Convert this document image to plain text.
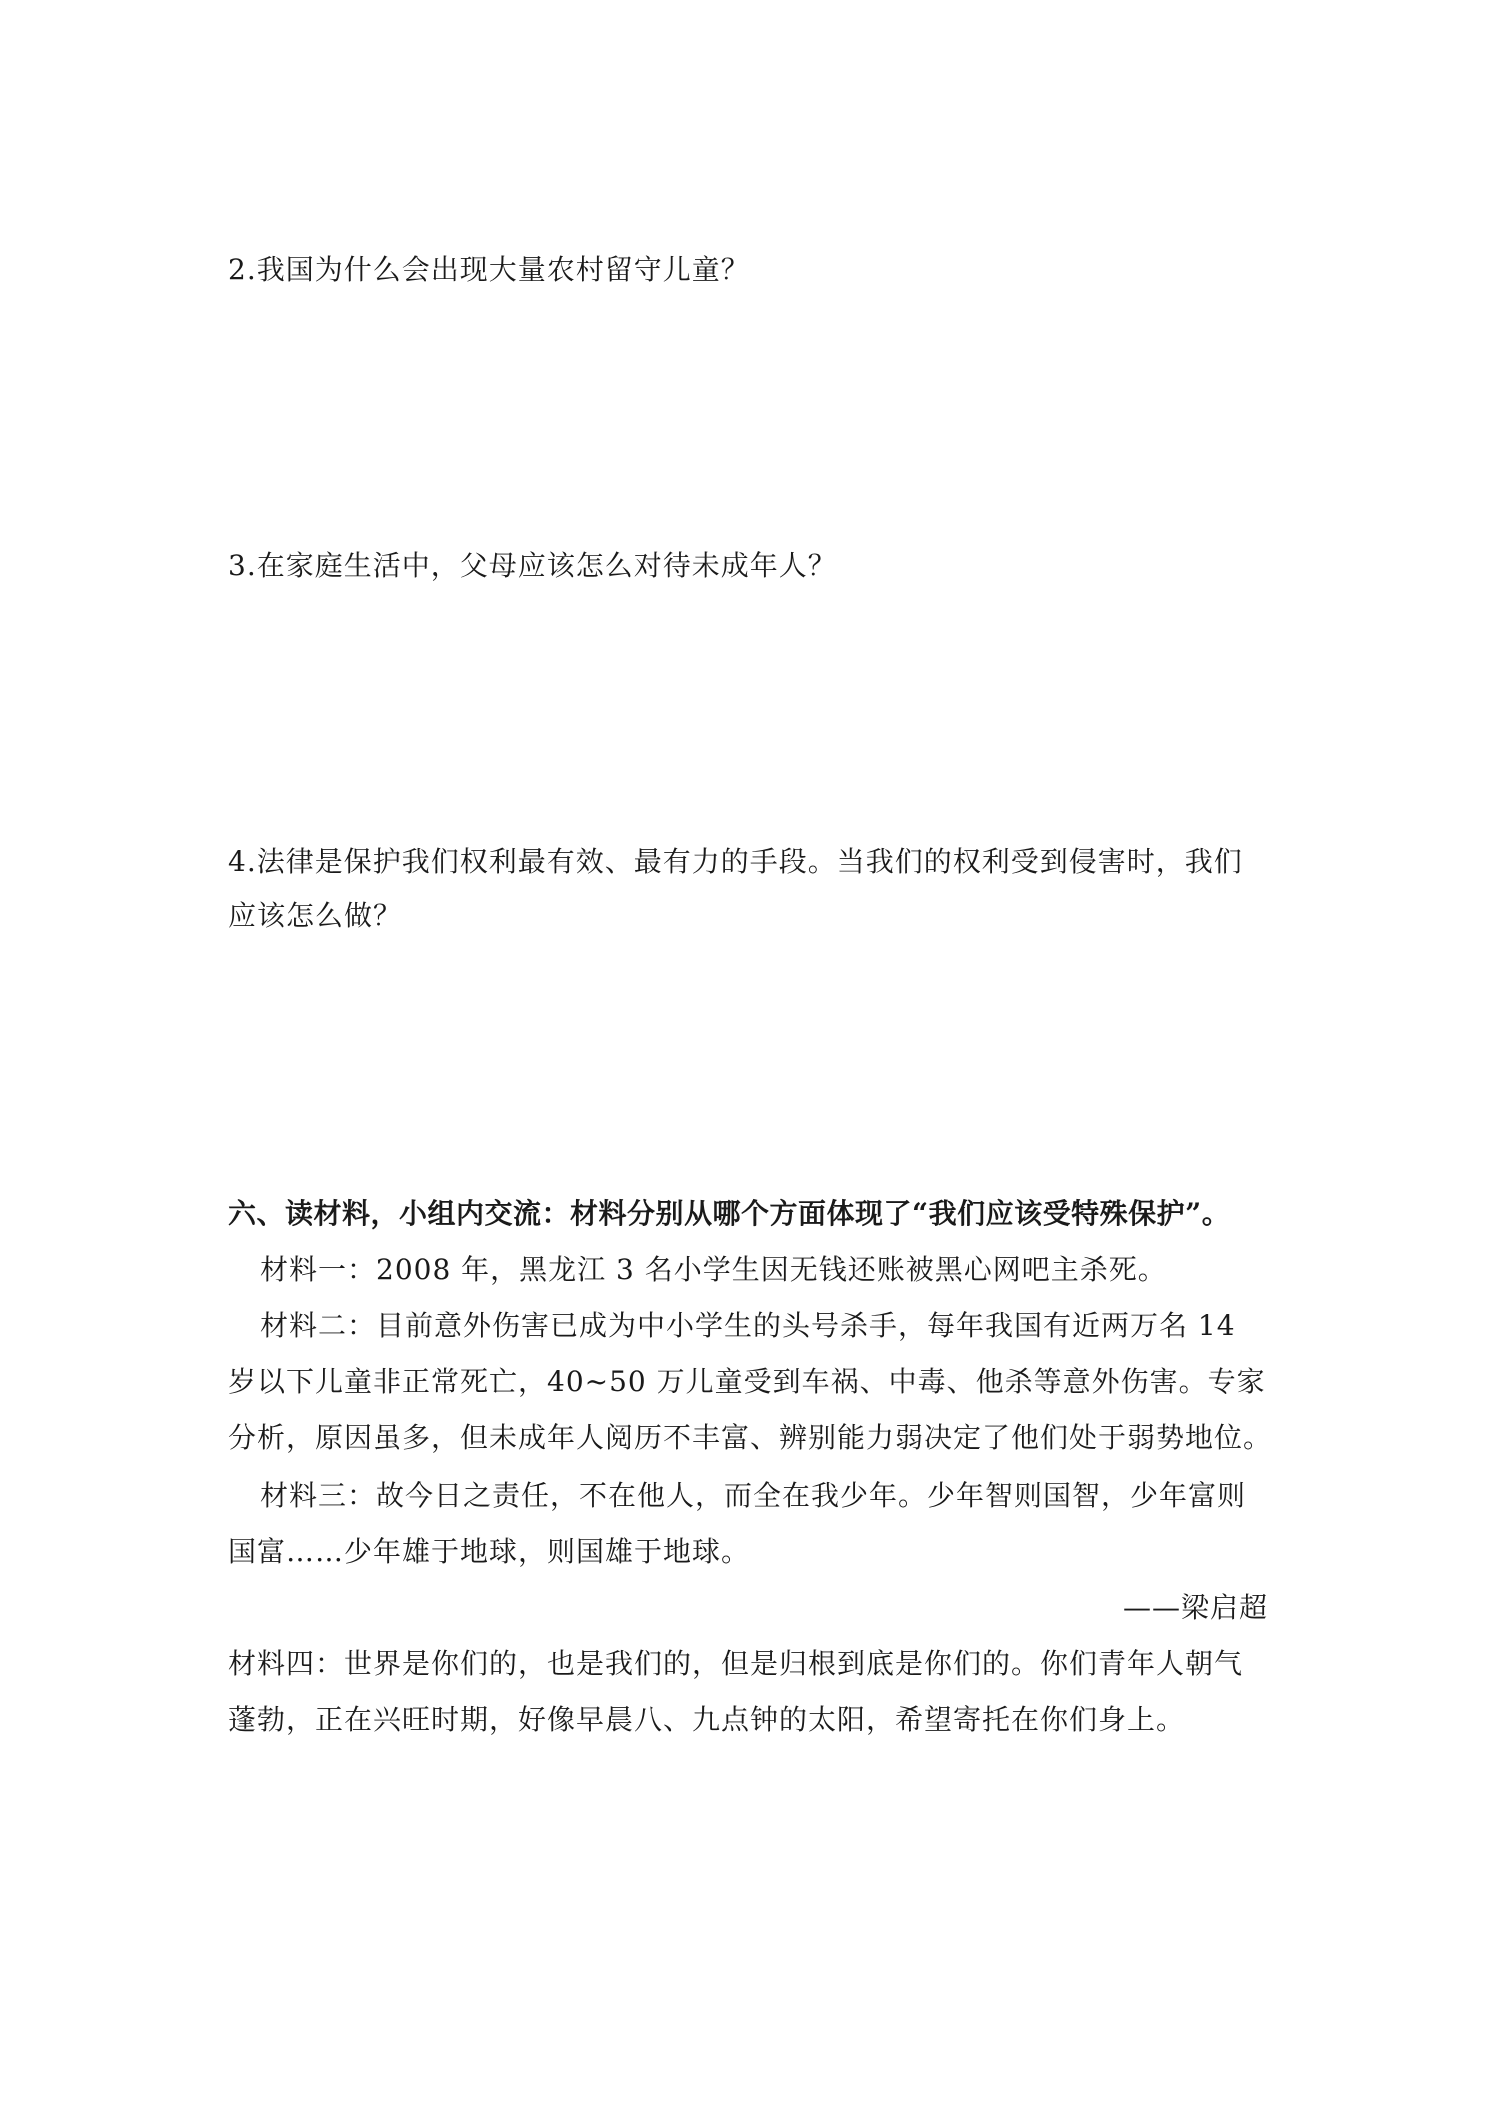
2.我国为什么会出现大量农村留守儿童？
3.在家庭生活中，父母应该怎么对待未成年人？
4.法律是保护我们权利最有效、最有力的手段。当我们的权利受到侵害时，我们
应该怎么做？
六、读材料，小组内交流：材料分别从哪个方面体现了“我们应该受特殊保护”。
材料一：2008 年，黑龙江 3 名小学生因无钱还账被黑心网吧主杀死。
材料二：目前意外伤害已成为中小学生的头号杀手，每年我国有近两万名 14
岁以下儿童非正常死亡，40~50 万儿童受到车祸、中毒、他杀等意外伤害。专家
分析，原因虽多，但未成年人阅历不丰富、辨别能力弱决定了他们处于弱势地位。
材料三：故今日之责任，不在他人，而全在我少年。少年智则国智，少年富则
国富……少年雄于地球，则国雄于地球。
——梁启超
材料四：世界是你们的，也是我们的，但是归根到底是你们的。你们青年人朝气
蓬勃，正在兴旺时期，好像早晨八、九点钟的太阳，希望寄托在你们身上。
